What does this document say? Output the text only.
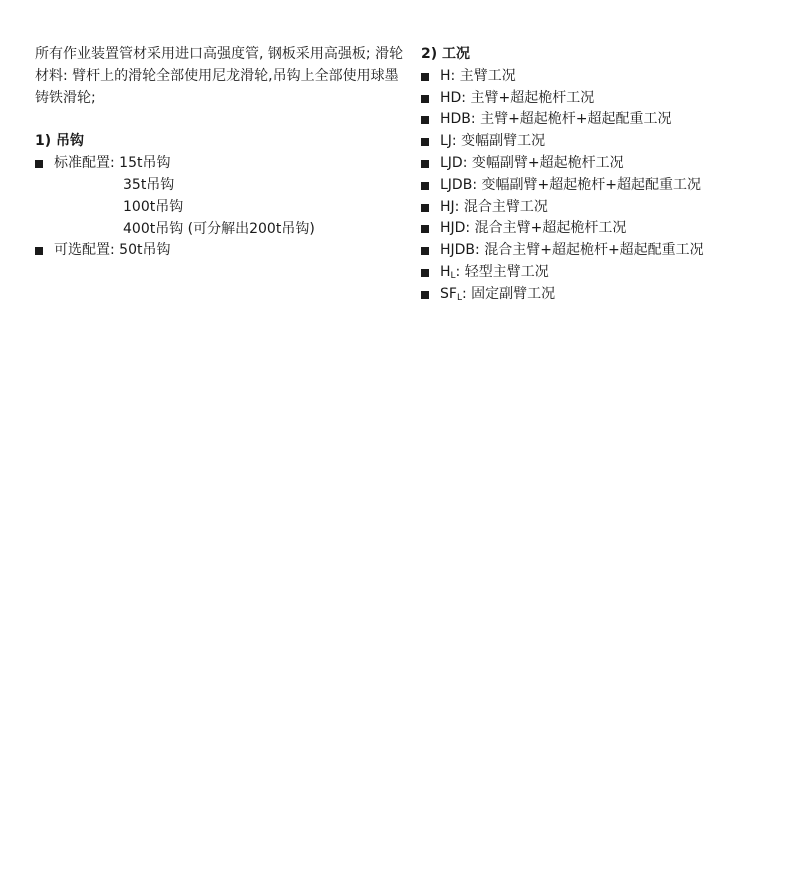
所有作业装置管材采用进口高强度管, 钢板采用高强板; 滑轮材料: 臂杆上的滑轮全部使用尼龙滑轮,吊钩上全部使用球墨铸铁滑轮;

1) 吊钩

标准配置: 15t吊钩
35t吊钩
100t吊钩
400t吊钩 (可分解出200t吊钩)
可选配置: 50t吊钩

2) 工况

H: 主臂工况
HD: 主臂+超起桅杆工况
HDB: 主臂+超起桅杆+超起配重工况
LJ: 变幅副臂工况
LJD: 变幅副臂+超起桅杆工况
LJDB: 变幅副臂+超起桅杆+超起配重工况
HJ: 混合主臂工况
HJD: 混合主臂+超起桅杆工况
HJDB: 混合主臂+超起桅杆+超起配重工况
$H_L$: 轻型主臂工况
$SF_L$: 固定副臂工况
